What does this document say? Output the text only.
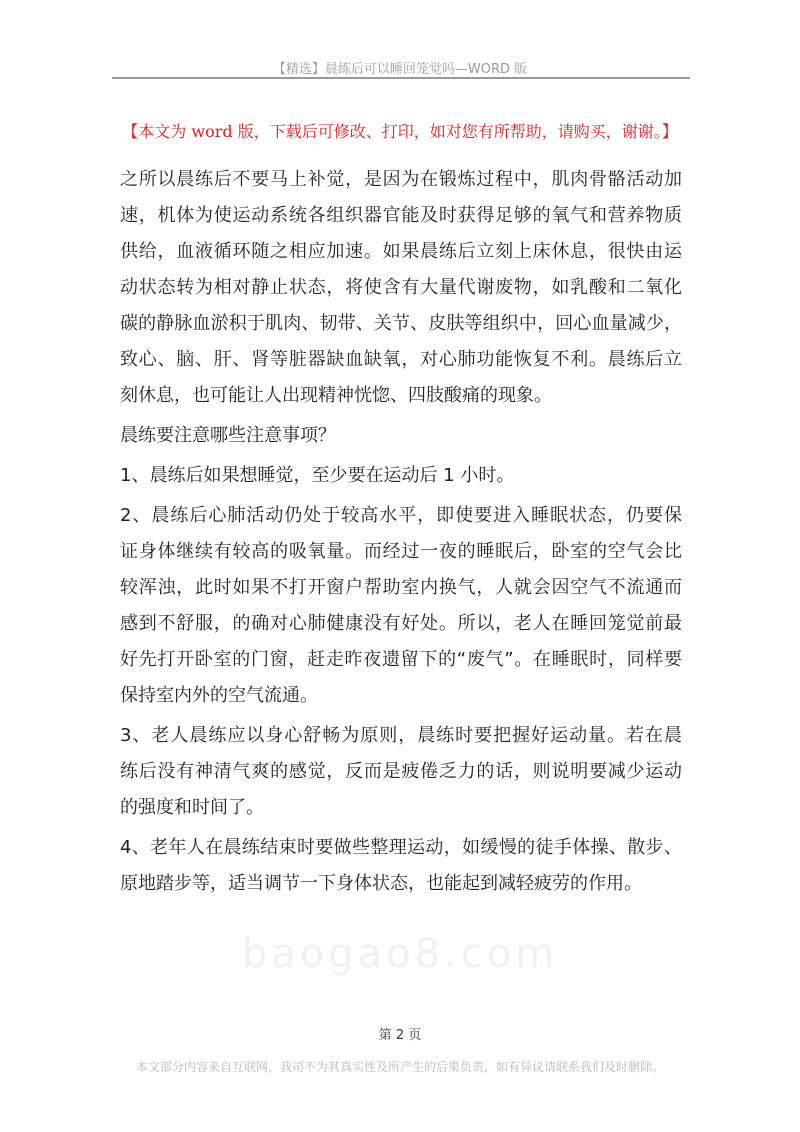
【精选】晨练后可以睡回笼觉吗—WORD 版
【本文为 word 版，下载后可修改、打印，如对您有所帮助，请购买，谢谢。】
之所以晨练后不要马上补觉，是因为在锻炼过程中，肌肉骨骼活动加
速，机体为使运动系统各组织器官能及时获得足够的氧气和营养物质
供给，血液循环随之相应加速。如果晨练后立刻上床休息，很快由运
动状态转为相对静止状态，将使含有大量代谢废物，如乳酸和二氧化
碳的静脉血淤积于肌肉、韧带、关节、皮肤等组织中，回心血量减少，
致心、脑、肝、肾等脏器缺血缺氧，对心肺功能恢复不利。晨练后立
刻休息，也可能让人出现精神恍惚、四肢酸痛的现象。
晨练要注意哪些注意事项？
1、晨练后如果想睡觉，至少要在运动后 1 小时。
2、晨练后心肺活动仍处于较高水平，即使要进入睡眠状态，仍要保
证身体继续有较高的吸氧量。而经过一夜的睡眠后，卧室的空气会比
较浑浊，此时如果不打开窗户帮助室内换气，人就会因空气不流通而
感到不舒服，的确对心肺健康没有好处。所以，老人在睡回笼觉前最
好先打开卧室的门窗，赶走昨夜遗留下的“废气”。在睡眠时，同样要
保持室内外的空气流通。
3、老人晨练应以身心舒畅为原则，晨练时要把握好运动量。若在晨
练后没有神清气爽的感觉，反而是疲倦乏力的话，则说明要减少运动
的强度和时间了。
4、老年人在晨练结束时要做些整理运动，如缓慢的徒手体操、散步、
原地踏步等，适当调节一下身体状态，也能起到减轻疲劳的作用。
baogao8.com
第 2 页
本文部分内容来自互联网，我司不为其真实性及所产生的后果负责，如有异议请联系我们及时删除。
